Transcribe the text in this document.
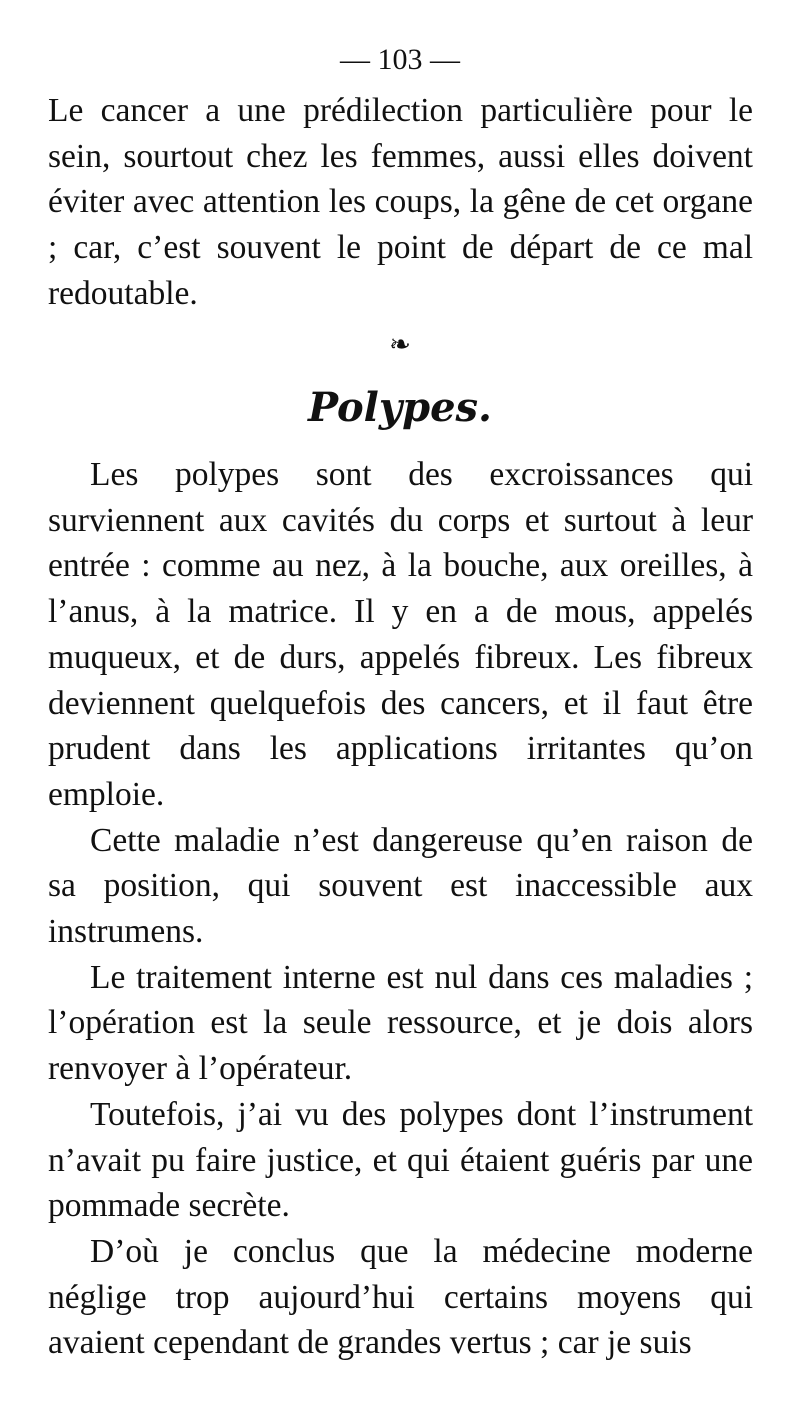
— 103 —

Le cancer a une prédilection particulière pour le sein, sourtout chez les femmes, aussi elles doivent éviter avec attention les coups, la gêne de cet organe ; car, c’est souvent le point de départ de ce mal redoutable.

❧
Polypes.

Les polypes sont des excroissances qui surviennent aux cavités du corps et surtout à leur entrée : comme au nez, à la bouche, aux oreilles, à l’anus, à la matrice. Il y en a de mous, appelés muqueux, et de durs, appelés fibreux. Les fibreux deviennent quelquefois des cancers, et il faut être prudent dans les applications irritantes qu’on emploie.

Cette maladie n’est dangereuse qu’en raison de sa position, qui souvent est inaccessible aux instrumens.

Le traitement interne est nul dans ces maladies ; l’opération est la seule ressource, et je dois alors renvoyer à l’opérateur.

Toutefois, j’ai vu des polypes dont l’instrument n’avait pu faire justice, et qui étaient guéris par une pommade secrète.

D’où je conclus que la médecine moderne néglige trop aujourd’hui certains moyens qui avaient cependant de grandes vertus ; car je suis
